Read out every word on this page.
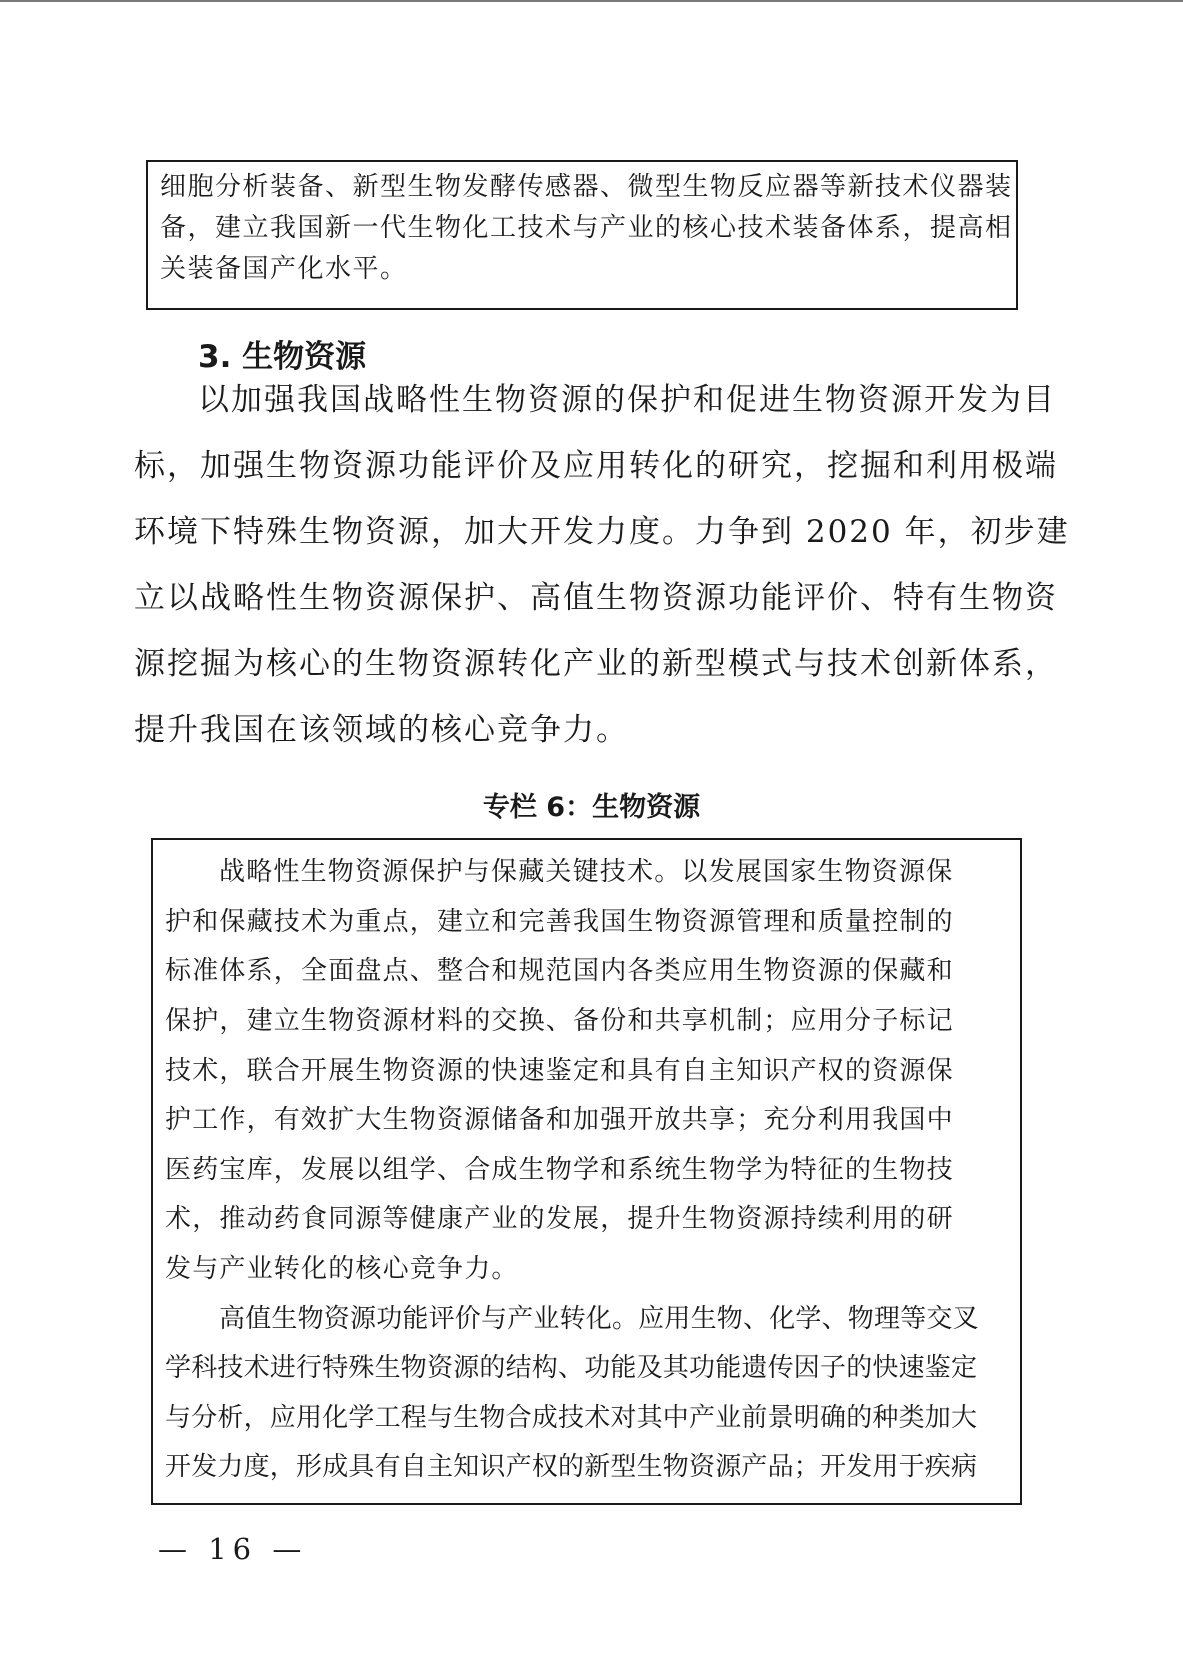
细胞分析装备、新型生物发酵传感器、微型生物反应器等新技术仪器装
备，建立我国新一代生物化工技术与产业的核心技术装备体系，提高相
关装备国产化水平。
3. 生物资源
以加强我国战略性生物资源的保护和促进生物资源开发为目
标，加强生物资源功能评价及应用转化的研究，挖掘和利用极端
环境下特殊生物资源，加大开发力度。力争到 2020 年，初步建
立以战略性生物资源保护、高值生物资源功能评价、特有生物资
源挖掘为核心的生物资源转化产业的新型模式与技术创新体系，
提升我国在该领域的核心竞争力。
专栏 6：生物资源
战略性生物资源保护与保藏关键技术。以发展国家生物资源保
护和保藏技术为重点，建立和完善我国生物资源管理和质量控制的
标准体系，全面盘点、整合和规范国内各类应用生物资源的保藏和
保护，建立生物资源材料的交换、备份和共享机制；应用分子标记
技术，联合开展生物资源的快速鉴定和具有自主知识产权的资源保
护工作，有效扩大生物资源储备和加强开放共享；充分利用我国中
医药宝库，发展以组学、合成生物学和系统生物学为特征的生物技
术，推动药食同源等健康产业的发展，提升生物资源持续利用的研
发与产业转化的核心竞争力。
高值生物资源功能评价与产业转化。应用生物、化学、物理等交叉
学科技术进行特殊生物资源的结构、功能及其功能遗传因子的快速鉴定
与分析，应用化学工程与生物合成技术对其中产业前景明确的种类加大
开发力度，形成具有自主知识产权的新型生物资源产品；开发用于疾病
— 16 —
